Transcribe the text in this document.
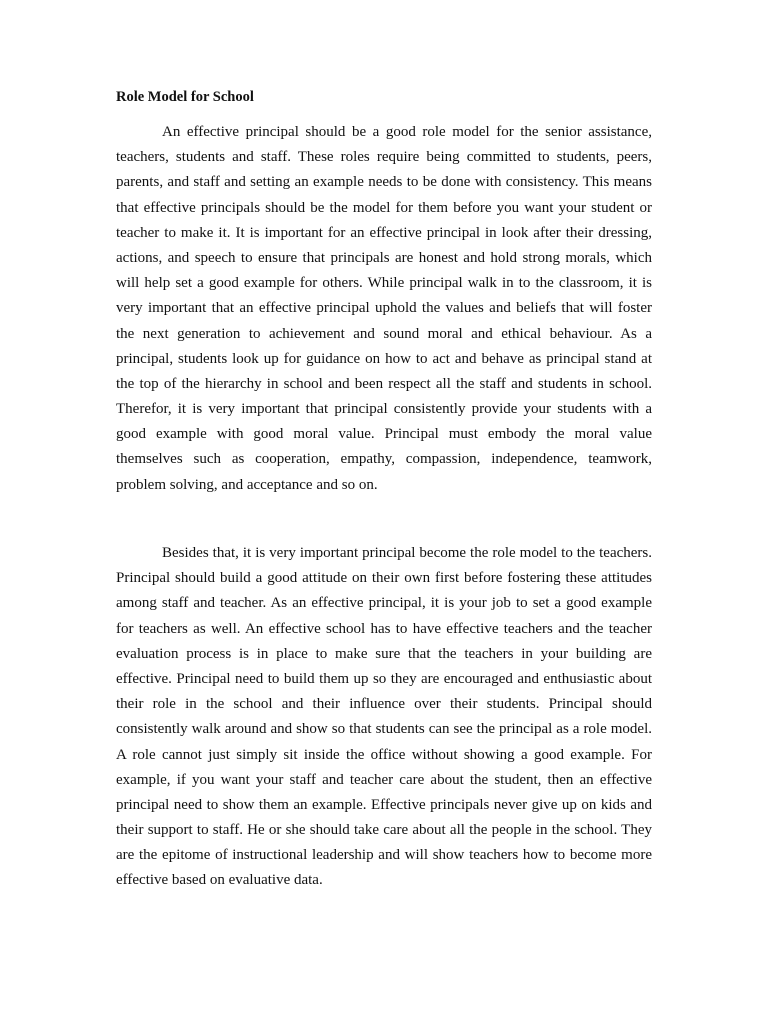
Role Model for School
An effective principal should be a good role model for the senior assistance,
teachers, students and staff. These roles require being committed to students, peers,
parents, and staff and setting an example needs to be done with consistency. This means
that effective principals should be the model for them before you want your student or
teacher to make it. It is important for an effective principal in look after their dressing,
actions, and speech to ensure that principals are honest and hold strong morals, which
will help set a good example for others. While principal walk in to the classroom, it is
very important that an effective principal uphold the values and beliefs that will foster
the next generation to achievement and sound moral and ethical behaviour. As a
principal, students look up for guidance on how to act and behave as principal stand at
the top of the hierarchy in school and been respect all the staff and students in school.
Therefor, it is very important that principal consistently provide your students with a
good example with good moral value. Principal must embody the moral value
themselves such as cooperation, empathy, compassion, independence, teamwork,
problem solving, and acceptance and so on.
Besides that, it is very important principal become the role model to the teachers.
Principal should build a good attitude on their own first before fostering these attitudes
among staff and teacher. As an effective principal, it is your job to set a good example
for teachers as well. An effective school has to have effective teachers and the teacher
evaluation process is in place to make sure that the teachers in your building are
effective. Principal need to build them up so they are encouraged and enthusiastic about
their role in the school and their influence over their students. Principal should
consistently walk around and show so that students can see the principal as a role model.
A role cannot just simply sit inside the office without showing a good example. For
example, if you want your staff and teacher care about the student, then an effective
principal need to show them an example. Effective principals never give up on kids and
their support to staff. He or she should take care about all the people in the school. They
are the epitome of instructional leadership and will show teachers how to become more
effective based on evaluative data.
